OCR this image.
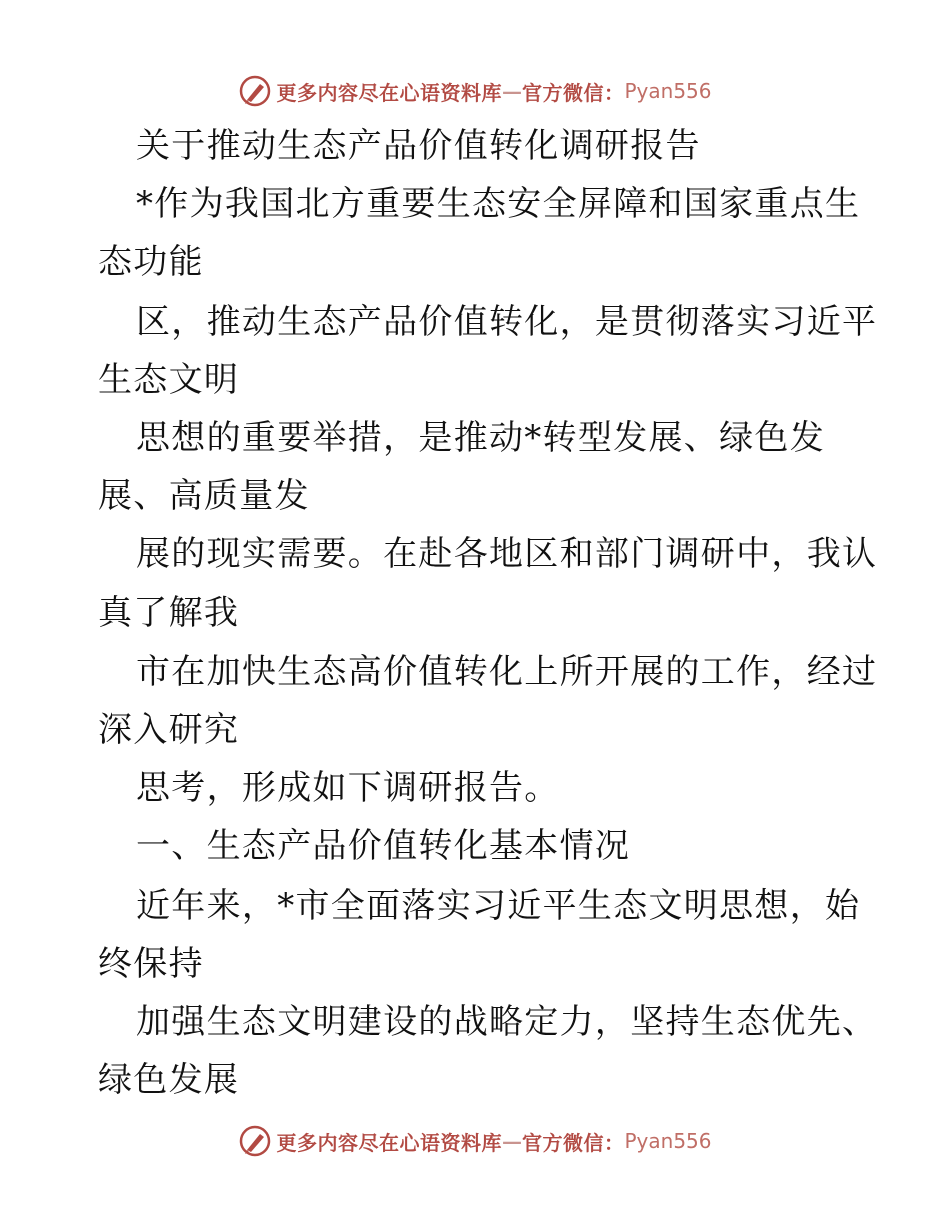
更多内容尽在心语资料库 — 官方微信： Pyan556
关于推动生态产品价值转化调研报告
*作为我国北方重要生态安全屏障和国家重点生
态功能
区，推动生态产品价值转化，是贯彻落实习近平
生态文明
思想的重要举措，是推动*转型发展、绿色发
展、高质量发
展的现实需要。在赴各地区和部门调研中，我认
真了解我
市在加快生态高价值转化上所开展的工作，经过
深入研究
思考，形成如下调研报告。
一、生态产品价值转化基本情况
近年来，*市全面落实习近平生态文明思想，始
终保持
加强生态文明建设的战略定力，坚持生态优先、
绿色发展
更多内容尽在心语资料库 — 官方微信： Pyan556
